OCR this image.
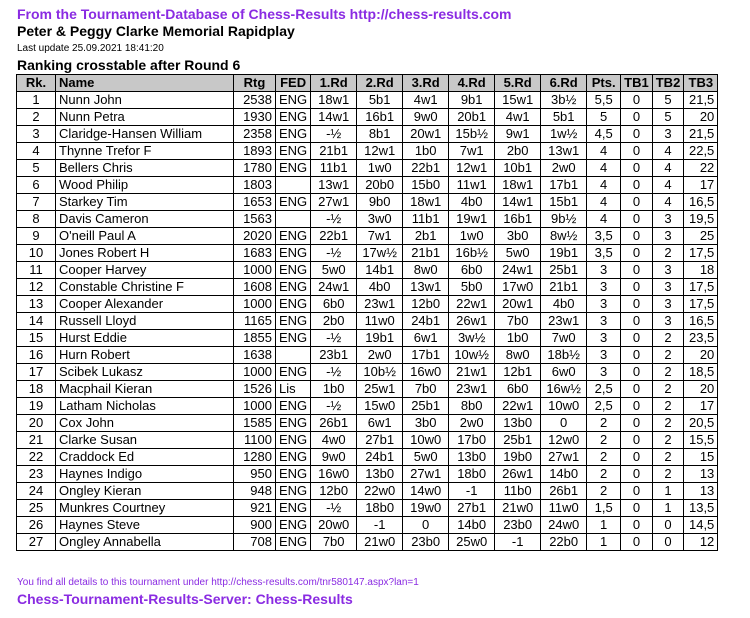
From the Tournament-Database of Chess-Results http://chess-results.com
Peter & Peggy Clarke Memorial Rapidplay
Last update 25.09.2021 18:41:20
Ranking crosstable after Round 6
Rk.	Name	Rtg	FED	1.Rd	2.Rd	3.Rd	4.Rd	5.Rd	6.Rd	Pts.	TB1	TB2	TB3
1	Nunn John	2538	ENG	18w1	5b1	4w1	9b1	15w1	3b½	5,5	0	5	21,5
2	Nunn Petra	1930	ENG	14w1	16b1	9w0	20b1	4w1	5b1	5	0	5	20
3	Claridge-Hansen William	2358	ENG	-½	8b1	20w1	15b½	9w1	1w½	4,5	0	3	21,5
4	Thynne Trefor F	1893	ENG	21b1	12w1	1b0	7w1	2b0	13w1	4	0	4	22,5
5	Bellers Chris	1780	ENG	11b1	1w0	22b1	12w1	10b1	2w0	4	0	4	22
6	Wood Philip	1803		13w1	20b0	15b0	11w1	18w1	17b1	4	0	4	17
7	Starkey Tim	1653	ENG	27w1	9b0	18w1	4b0	14w1	15b1	4	0	4	16,5
8	Davis Cameron	1563		-½	3w0	11b1	19w1	16b1	9b½	4	0	3	19,5
9	O'neill Paul A	2020	ENG	22b1	7w1	2b1	1w0	3b0	8w½	3,5	0	3	25
10	Jones Robert H	1683	ENG	-½	17w½	21b1	16b½	5w0	19b1	3,5	0	2	17,5
11	Cooper Harvey	1000	ENG	5w0	14b1	8w0	6b0	24w1	25b1	3	0	3	18
12	Constable Christine F	1608	ENG	24w1	4b0	13w1	5b0	17w0	21b1	3	0	3	17,5
13	Cooper Alexander	1000	ENG	6b0	23w1	12b0	22w1	20w1	4b0	3	0	3	17,5
14	Russell Lloyd	1165	ENG	2b0	11w0	24b1	26w1	7b0	23w1	3	0	3	16,5
15	Hurst Eddie	1855	ENG	-½	19b1	6w1	3w½	1b0	7w0	3	0	2	23,5
16	Hurn Robert	1638		23b1	2w0	17b1	10w½	8w0	18b½	3	0	2	20
17	Scibek Lukasz	1000	ENG	-½	10b½	16w0	21w1	12b1	6w0	3	0	2	18,5
18	Macphail Kieran	1526	Lis	1b0	25w1	7b0	23w1	6b0	16w½	2,5	0	2	20
19	Latham Nicholas	1000	ENG	-½	15w0	25b1	8b0	22w1	10w0	2,5	0	2	17
20	Cox John	1585	ENG	26b1	6w1	3b0	2w0	13b0	0	2	0	2	20,5
21	Clarke Susan	1100	ENG	4w0	27b1	10w0	17b0	25b1	12w0	2	0	2	15,5
22	Craddock Ed	1280	ENG	9w0	24b1	5w0	13b0	19b0	27w1	2	0	2	15
23	Haynes Indigo	950	ENG	16w0	13b0	27w1	18b0	26w1	14b0	2	0	2	13
24	Ongley Kieran	948	ENG	12b0	22w0	14w0	-1	11b0	26b1	2	0	1	13
25	Munkres Courtney	921	ENG	-½	18b0	19w0	27b1	21w0	11w0	1,5	0	1	13,5
26	Haynes Steve	900	ENG	20w0	-1	0	14b0	23b0	24w0	1	0	0	14,5
27	Ongley Annabella	708	ENG	7b0	21w0	23b0	25w0	-1	22b0	1	0	0	12
You find all details to this tournament under http://chess-results.com/tnr580147.aspx?lan=1
Chess-Tournament-Results-Server: Chess-Results
